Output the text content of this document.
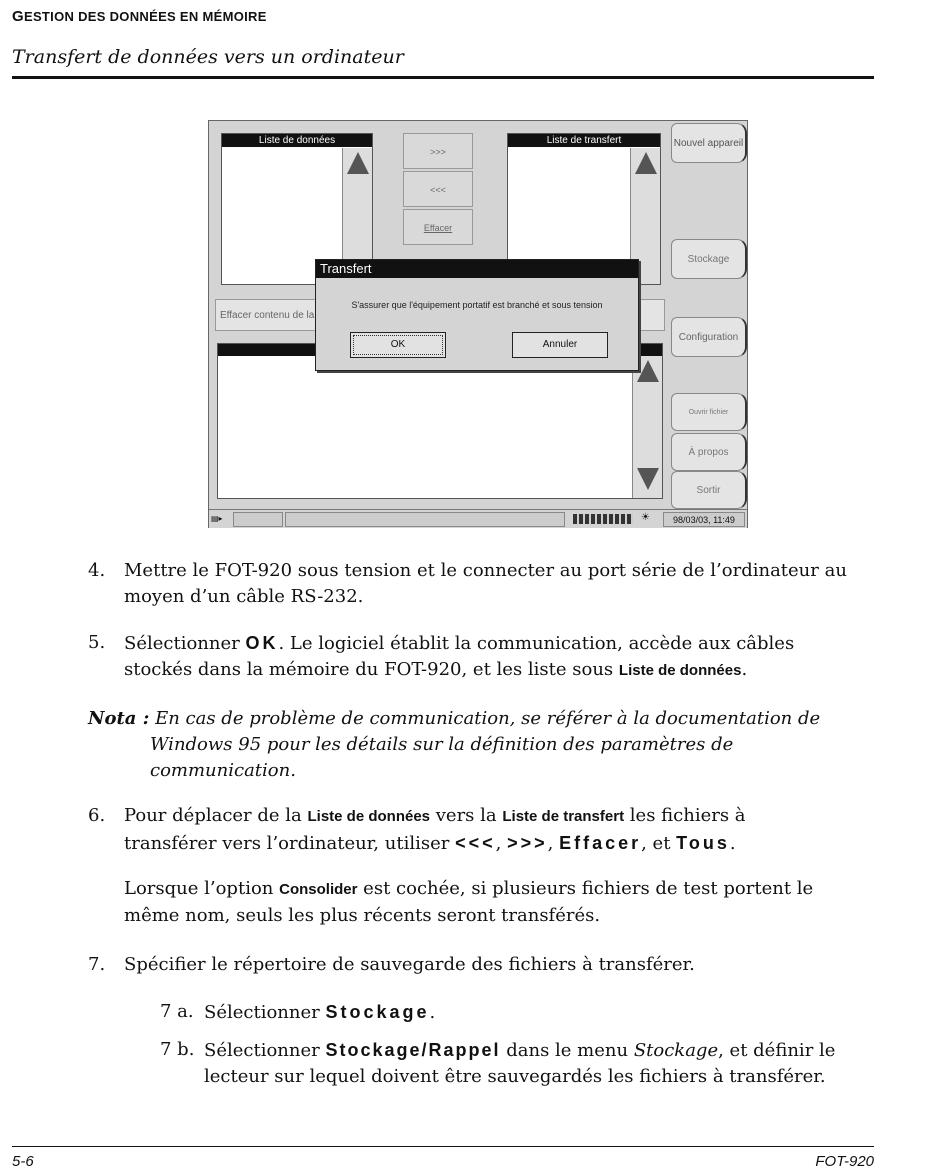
GESTION DES DONNÉES EN MÉMOIRE
Transfert de données vers un ordinateur
Liste de données
>>>
<<<
Effacer
Liste de transfert
Effacer contenu de la
Nouvel appareil
Stockage
Configuration
Ouvrir fichier
À propos
Sortir
Transfert
S'assurer que l'équipement portatif est branché et sous tension
OK	Annuler
▤▸	☀	98/03/03, 11:49
4. Mettre le FOT-920 sous tension et le connecter au port série de l’ordinateur au
moyen d’un câble RS-232.
5. Sélectionner OK. Le logiciel établit la communication, accède aux câbles
stockés dans la mémoire du FOT-920, et les liste sous Liste de données.
Nota : En cas de problème de communication, se référer à la documentation de
Windows 95 pour les détails sur la définition des paramètres de
communication.
6. Pour déplacer de la Liste de données vers la Liste de transfert les fichiers à
transférer vers l’ordinateur, utiliser <<<, >>>, Effacer, et Tous.
Lorsque l’option Consolider est cochée, si plusieurs fichiers de test portent le
même nom, seuls les plus récents seront transférés.
7. Spécifier le répertoire de sauvegarde des fichiers à transférer.
7 a. Sélectionner Stockage.
7 b. Sélectionner Stockage/Rappel dans le menu Stockage, et définir le
lecteur sur lequel doivent être sauvegardés les fichiers à transférer.
5-6	FOT-920
